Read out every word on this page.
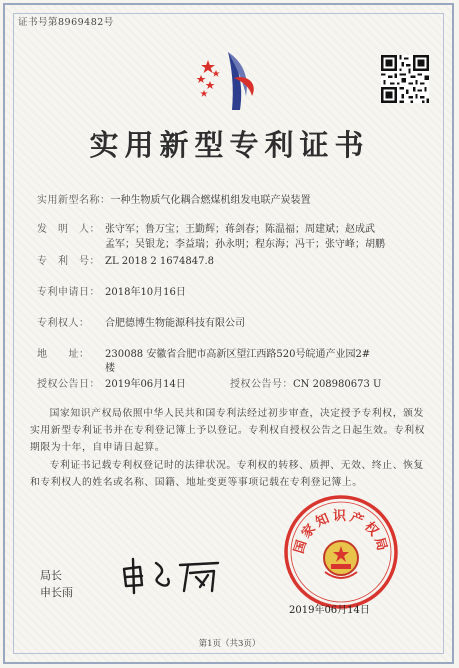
证书号第8969482号
实用新型专利证书
实用新型名称：一种生物质气化耦合燃煤机组发电联产炭装置
发　明　人： 张守军；鲁万宝；王勤辉；蒋剑春；陈温福；周建斌；赵成武
孟军；吴银龙；李益瑞；孙永明；程东海；冯干；张守峰；胡鹏
专　利　号： ZL 2018 2 1674847.8
专利申请日： 2018年10月16日
专利权人： 合肥德博生物能源科技有限公司
地　　址： 230088 安徽省合肥市高新区望江西路520号皖通产业园2#
楼
授权公告日： 2019年06月14日	授权公告号：CN 208980673 U
国家知识产权局依照中华人民共和国专利法经过初步审查，决定授予专利权，颁发实用新型专利证书并在专利登记簿上予以登记。专利权自授权公告之日起生效。专利权期限为十年，自申请日起算。
专利证书记载专利权登记时的法律状况。专利权的转移、质押、无效、终止、恢复和专利权人的姓名或名称、国籍、地址变更等事项记载在专利登记簿上。
局长
申长雨
国家知识产权局
2019年06月14日
第1页（共3页）
